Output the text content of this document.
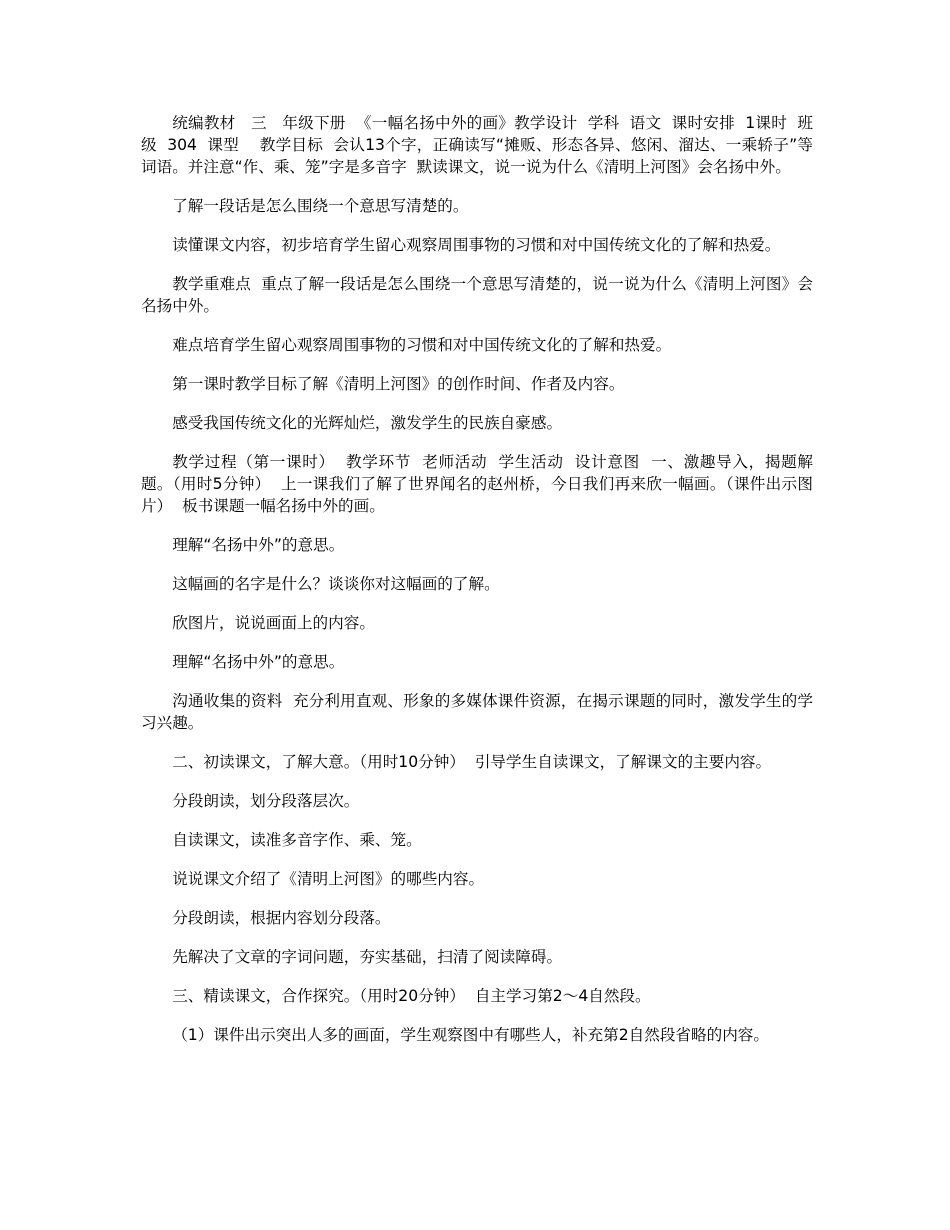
统编教材   三   年级下册  《一幅名扬中外的画》教学设计  学科  语文  课时安排  1课时  班级  304  课型    教学目标  会认13个字，正确读写“摊贩、形态各异、悠闲、溜达、一乘轿子”等词语。并注意“作、乘、笼”字是多音字  默读课文，说一说为什么《清明上河图》会名扬中外。

了解一段话是怎么围绕一个意思写清楚的。

读懂课文内容，初步培育学生留心观察周围事物的习惯和对中国传统文化的了解和热爱。

教学重难点  重点了解一段话是怎么围绕一个意思写清楚的，说一说为什么《清明上河图》会名扬中外。

难点培育学生留心观察周围事物的习惯和对中国传统文化的了解和热爱。

第一课时教学目标了解《清明上河图》的创作时间、作者及内容。

感受我国传统文化的光辉灿烂，激发学生的民族自豪感。

教学过程（第一课时）  教学环节  老师活动  学生活动  设计意图  一、激趣导入，揭题解题。（用时5分钟）  上一课我们了解了世界闻名的赵州桥，今日我们再来欣一幅画。（课件出示图片）  板书课题一幅名扬中外的画。

理解“名扬中外”的意思。

这幅画的名字是什么？谈谈你对这幅画的了解。

欣图片，说说画面上的内容。

理解“名扬中外”的意思。

沟通收集的资料  充分利用直观、形象的多媒体课件资源，在揭示课题的同时，激发学生的学习兴趣。

二、初读课文，了解大意。（用时10分钟）  引导学生自读课文，了解课文的主要内容。

分段朗读，划分段落层次。

自读课文，读准多音字作、乘、笼。

说说课文介绍了《清明上河图》的哪些内容。

分段朗读，根据内容划分段落。

先解决了文章的字词问题，夯实基础，扫清了阅读障碍。

三、精读课文，合作探究。（用时20分钟）  自主学习第2～4自然段。

（1）课件出示突出人多的画面，学生观察图中有哪些人，补充第2自然段省略的内容。
